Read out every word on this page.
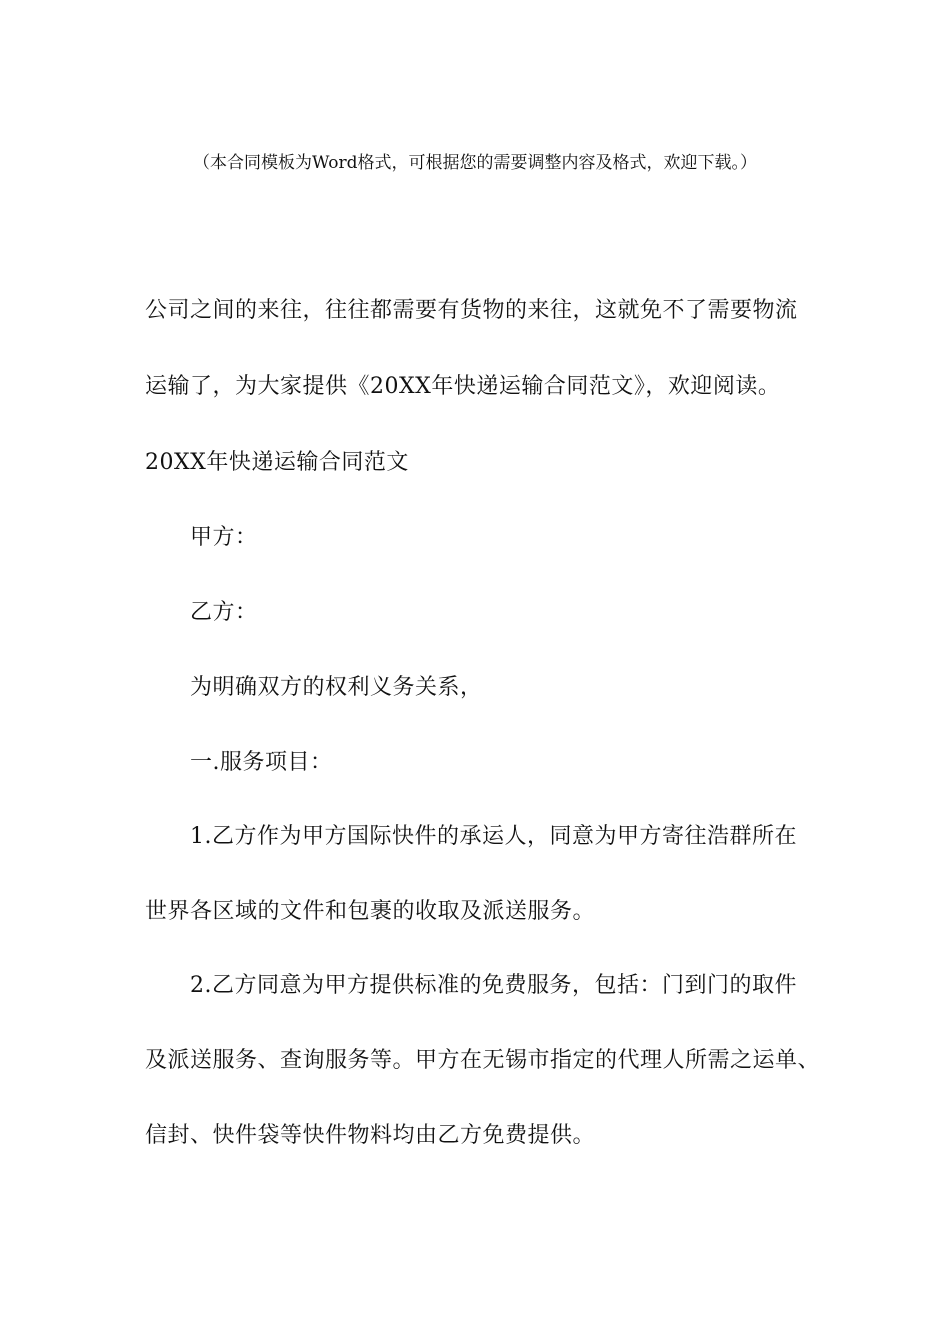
（本合同模板为Word格式，可根据您的需要调整内容及格式，欢迎下载。）
公司之间的来往，往往都需要有货物的来往，这就免不了需要物流
运输了，为大家提供《20XX年快递运输合同范文》，欢迎阅读。
20XX年快递运输合同范文
甲方：
乙方：
为明确双方的权利义务关系，
一.服务项目：
1.乙方作为甲方国际快件的承运人，同意为甲方寄往浩群所在
世界各区域的文件和包裹的收取及派送服务。
2.乙方同意为甲方提供标准的免费服务，包括：门到门的取件
及派送服务、查询服务等。甲方在无锡市指定的代理人所需之运单、
信封、快件袋等快件物料均由乙方免费提供。
